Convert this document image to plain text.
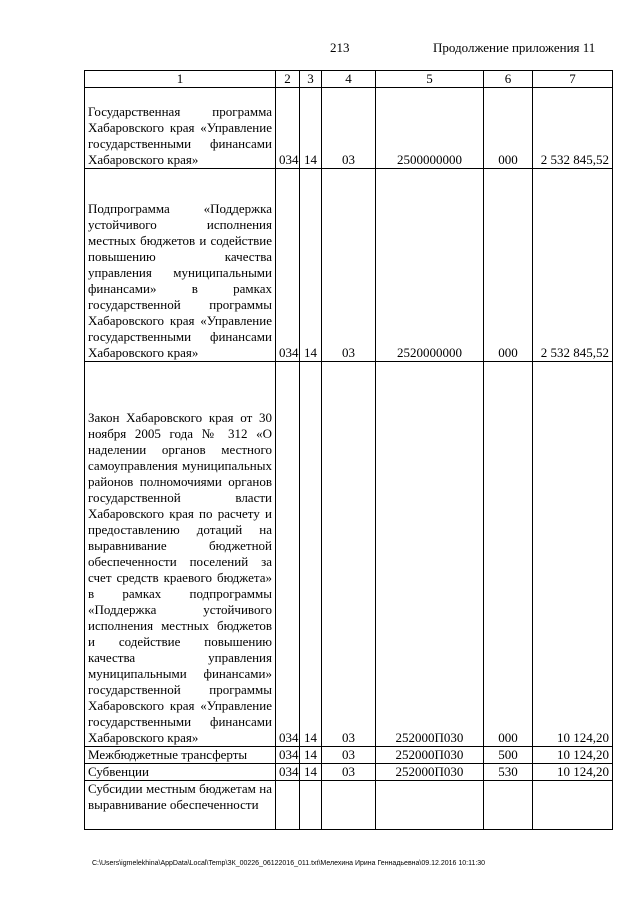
213	Продолжение приложения 11
1	2	3	4	5	6	7

Государственная программа Хабаровского края «Управление государственными финансами Хабаровского края»	034	14	03	2500000000	000	2 532 845,52

Подпрограмма «Поддержка устойчивого исполнения местных бюджетов и содействие повышению качества управления муниципальными финансами» в рамках государственной программы Хабаровского края «Управление государственными финансами Хабаровского края»	034	14	03	2520000000	000	2 532 845,52

Закон Хабаровского края от 30 ноября 2005 года № 312 «О наделении органов местного самоуправления муниципальных районов полномочиями органов государственной власти Хабаровского края по расчету и предоставлению дотаций на выравнивание бюджетной обеспеченности поселений за счет средств краевого бюджета» в рамках подпрограммы «Поддержка устойчивого исполнения местных бюджетов и содействие повышению качества управления муниципальными финансами» государственной программы Хабаровского края «Управление государственными финансами Хабаровского края»	034	14	03	252000П030	000	10 124,20

Межбюджетные трансферты	034	14	03	252000П030	500	10 124,20

Субвенции	034	14	03	252000П030	530	10 124,20

Субсидии местным бюджетам на выравнивание обеспеченности						

C:\Users\igmelekhina\AppData\Local\Temp\ЗК_00226_06122016_011.txt\Мелехина Ирина Геннадьевна\09.12.2016 10:11:30
